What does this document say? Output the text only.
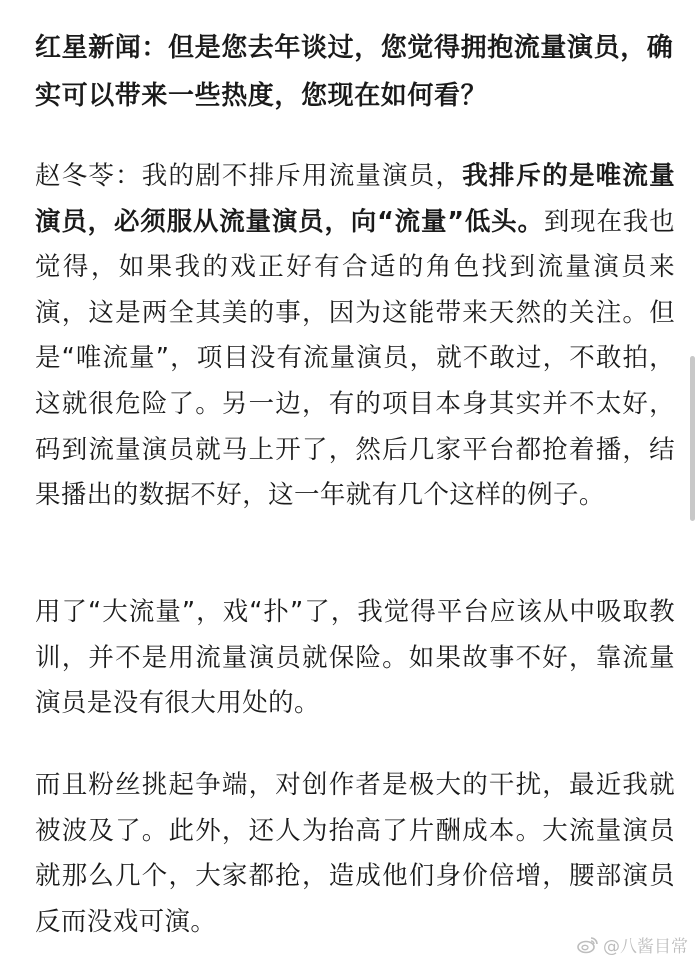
红星新闻：但是您去年谈过，您觉得拥抱流量演员，确实可以带来一些热度，您现在如何看？

赵冬苓：我的剧不排斥用流量演员，我排斥的是唯流量演员，必须服从流量演员，向“流量”低头。到现在我也觉得，如果我的戏正好有合适的角色找到流量演员来演，这是两全其美的事，因为这能带来天然的关注。但是“唯流量”，项目没有流量演员，就不敢过，不敢拍，这就很危险了。另一边，有的项目本身其实并不太好，码到流量演员就马上开了，然后几家平台都抢着播，结果播出的数据不好，这一年就有几个这样的例子。

用了“大流量”，戏“扑”了，我觉得平台应该从中吸取教训，并不是用流量演员就保险。如果故事不好，靠流量演员是没有很大用处的。

而且粉丝挑起争端，对创作者是极大的干扰，最近我就被波及了。此外，还人为抬高了片酬成本。大流量演员就那么几个，大家都抢，造成他们身价倍增，腰部演员反而没戏可演。

@八酱目常
